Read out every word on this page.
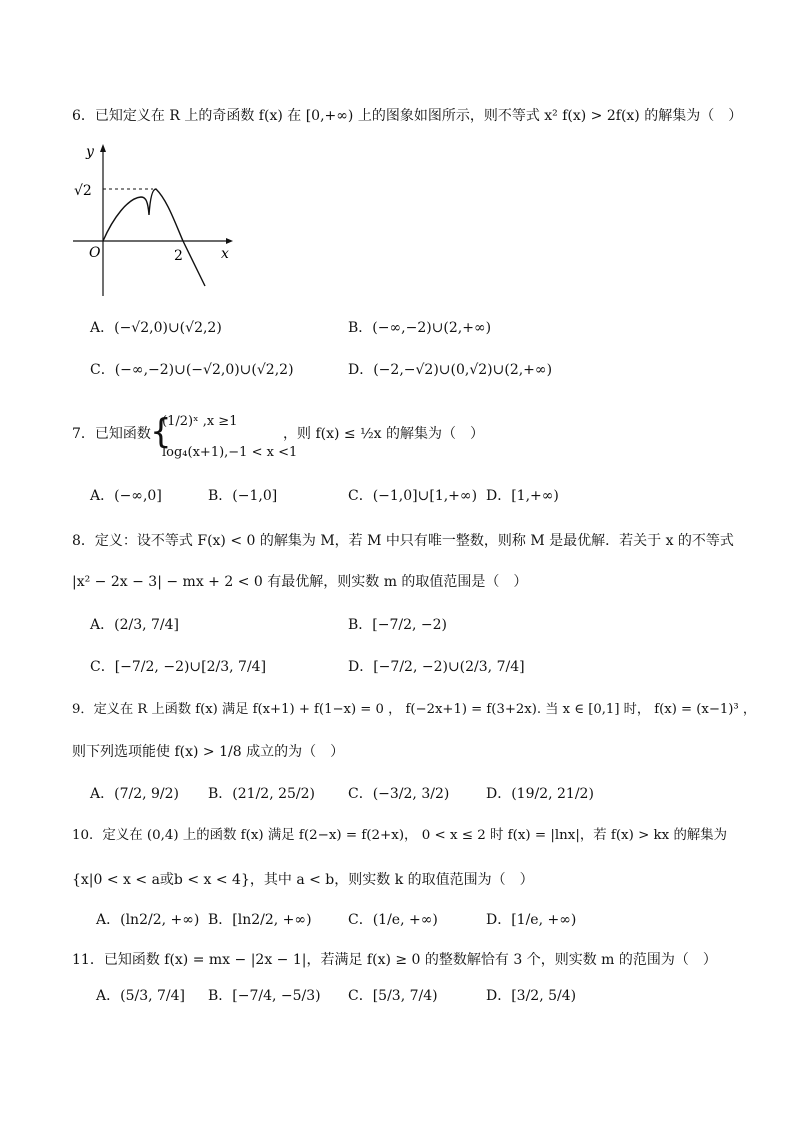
6．已知定义在 R 上的奇函数 f(x) 在 [0,+∞) 上的图象如图所示，则不等式 x² f(x) > 2f(x) 的解集为（　）
y
x
O	2
√2
A．(−√2,0)∪(√2,2)	B．(−∞,−2)∪(2,+∞)
C．(−∞,−2)∪(−√2,0)∪(√2,2)	D．(−2,−√2)∪(0,√2)∪(2,+∞)
7．已知函数 {
(1/2)ˣ ,x ≥1
log₄(x+1),−1 < x <1
，则 f(x) ≤ ½x 的解集为（　）
A．(−∞,0]	B．(−1,0]	C．(−1,0]∪[1,+∞) D．[1,+∞)
8．定义：设不等式 F(x) < 0 的解集为 M，若 M 中只有唯一整数，则称 M 是最优解．若关于 x 的不等式
|x² − 2x − 3| − mx + 2 < 0 有最优解，则实数 m 的取值范围是（　）
A．(2/3, 7/4]	B．[−7/2, −2)
C．[−7/2, −2)∪[2/3, 7/4]	D．[−7/2, −2)∪(2/3, 7/4]
9．定义在 R 上函数 f(x) 满足 f(x+1) + f(1−x) = 0 ， f(−2x+1) = f(3+2x). 当 x ∈ [0,1] 时， f(x) = (x−1)³ ，
则下列选项能使 f(x) > 1/8 成立的为（　）
A．(7/2, 9/2) B．(21/2, 25/2) C．(−3/2, 3/2)	D．(19/2, 21/2)
10．定义在 (0,4) 上的函数 f(x) 满足 f(2−x) = f(2+x)， 0 < x ≤ 2 时 f(x) = |lnx|，若 f(x) > kx 的解集为
{x|0 < x < a或b < x < 4}，其中 a < b，则实数 k 的取值范围为（　）
A．(ln2/2, +∞) B．[ln2/2, +∞)	C．(1/e, +∞)	D．[1/e, +∞)
11．已知函数 f(x) = mx − |2x − 1|，若满足 f(x) ≥ 0 的整数解恰有 3 个，则实数 m 的范围为（　）
A．(5/3, 7/4] B．[−7/4, −5/3) C．[5/3, 7/4)	D．[3/2, 5/4)
